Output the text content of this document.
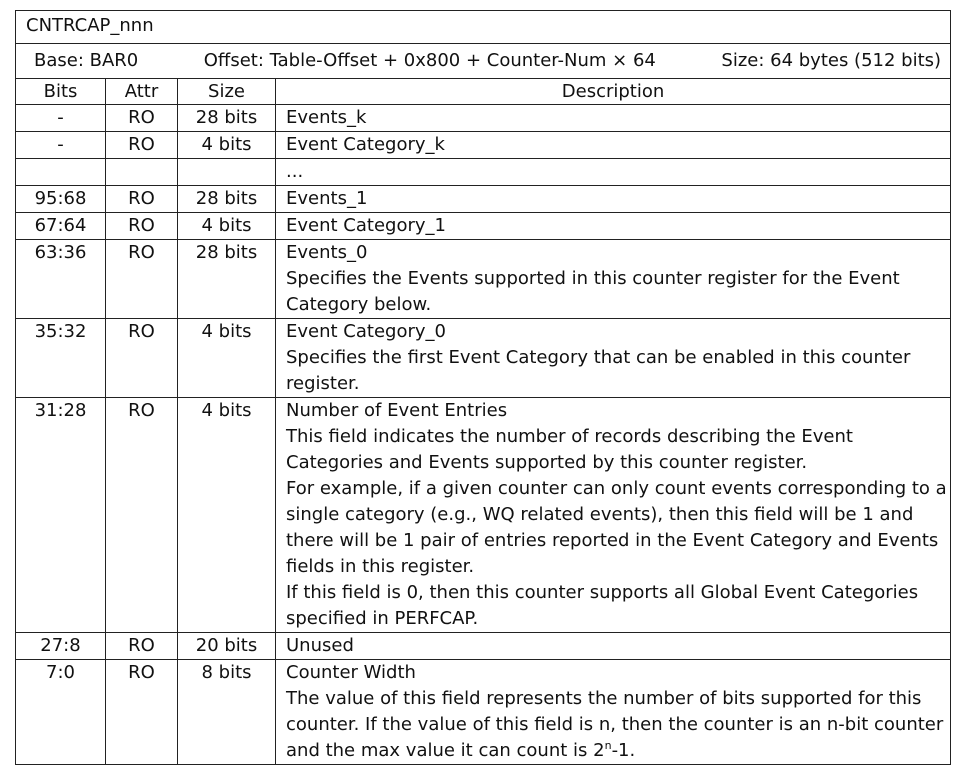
CNTRCAP_nnn			

Base: BAR0 Offset: Table-Offset + 0x800 + Counter-Num × 64 Size: 64 bytes (512 bits)			

Bits	Attr	Size	Description
-	RO	28 bits	Events_k

-	RO	4 bits	Event Category_k

			...

95:68	RO	28 bits	Events_1

67:64	RO	4 bits	Event Category_1

63:36	RO	28 bits	Events_0
Specifies the Events supported in this counter register for the Event Category below.

35:32	RO	4 bits	Event Category_0
Specifies the first Event Category that can be enabled in this counter register.

31:28	RO	4 bits	Number of Event Entries
This field indicates the number of records describing the Event Categories and Events supported by this counter register.
For example, if a given counter can only count events corresponding to a single category (e.g., WQ related events), then this field will be 1 and there will be 1 pair of entries reported in the Event Category and Events fields in this register.
If this field is 0, then this counter supports all Global Event Categories specified in PERFCAP.

27:8	RO	20 bits	Unused

7:0	RO	8 bits	Counter Width
The value of this field represents the number of bits supported for this counter. If the value of this field is n, then the counter is an n-bit counter and the max value it can count is 2$^n$-1.
